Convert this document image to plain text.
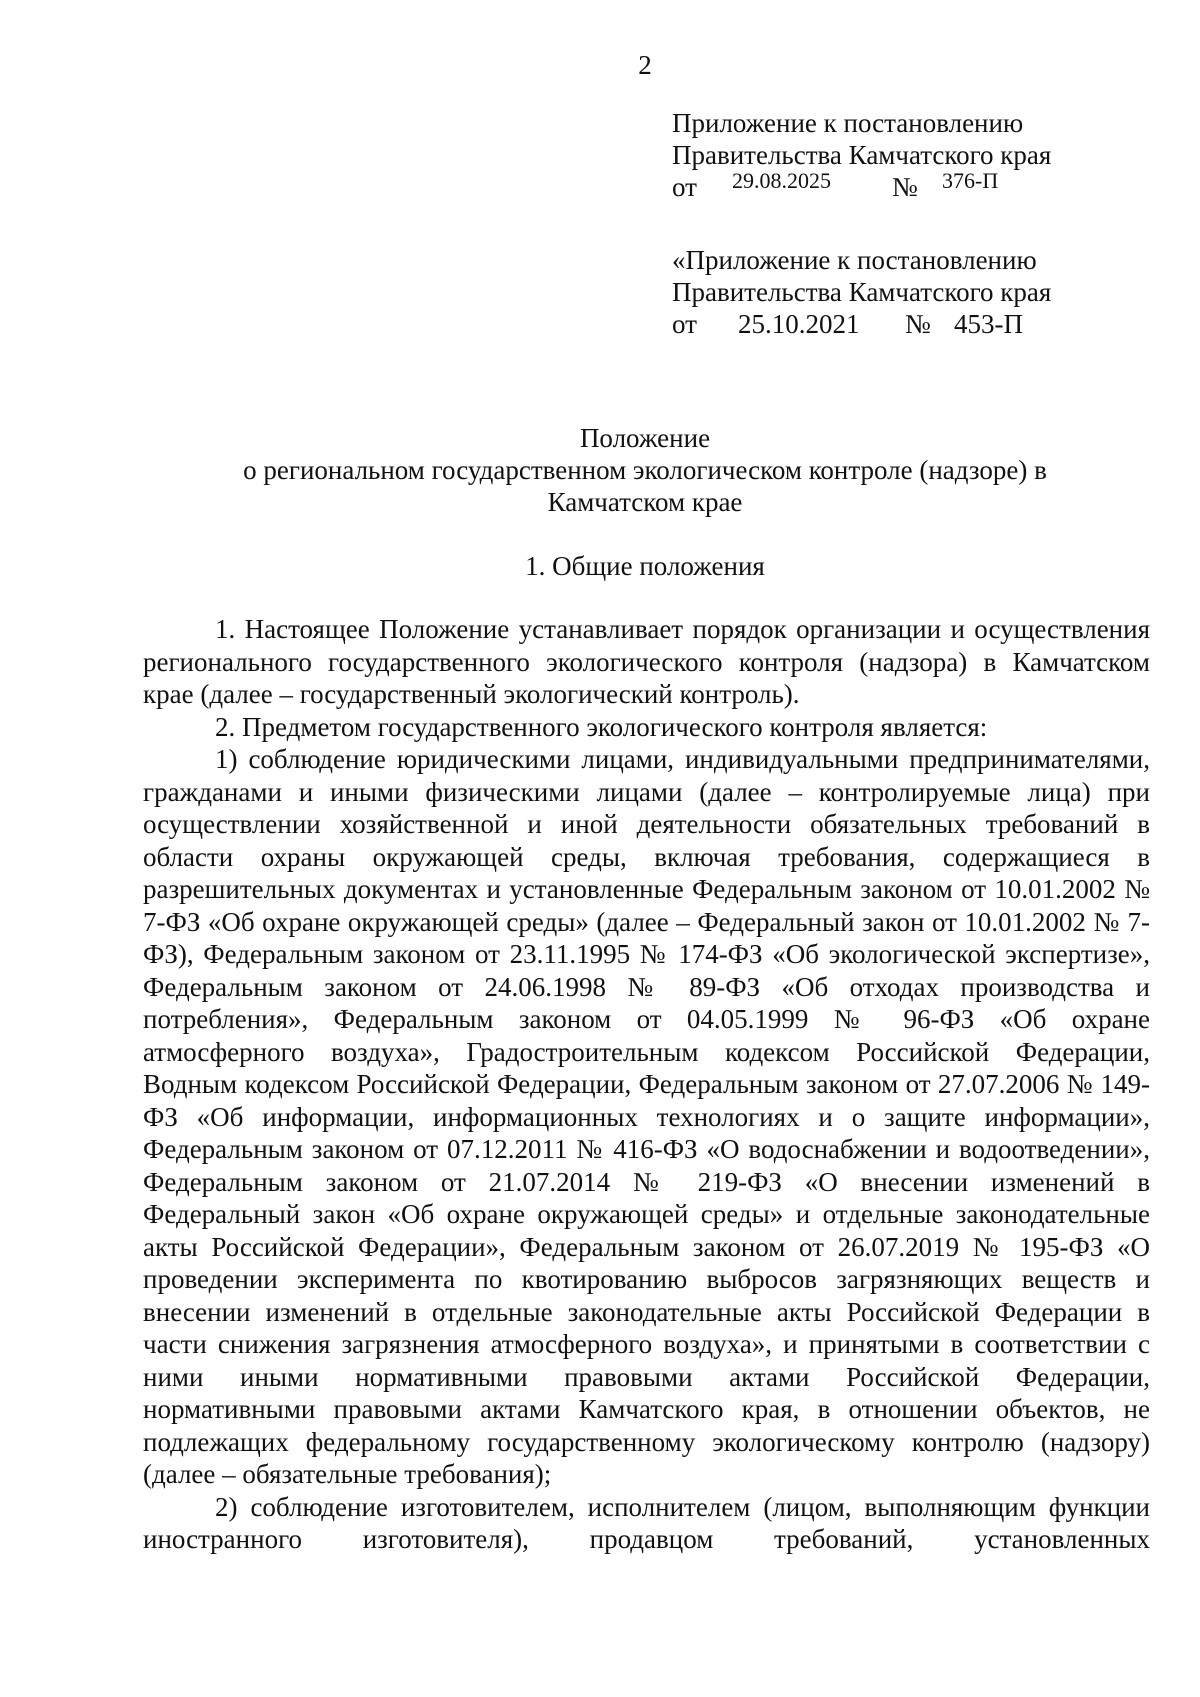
2
Приложение к постановлению
Правительства Камчатского края
от 29.08.2025 № 376-П
«Приложение к постановлению
Правительства Камчатского края
от 25.10.2021 № 453-П
Положение
о региональном государственном экологическом контроле (надзоре) в
Камчатском крае
1. Общие положения

1. Настоящее Положение устанавливает порядок организации и осуществления регионального государственного экологического контроля (надзора) в Камчатском крае (далее – государственный экологический контроль).

2. Предметом государственного экологического контроля является:

1) соблюдение юридическими лицами, индивидуальными предпринимателями, гражданами и иными физическими лицами (далее – контролируемые лица) при осуществлении хозяйственной и иной деятельности обязательных требований в области охраны окружающей среды, включая требования, содержащиеся в разрешительных документах и установленные Федеральным законом от 10.01.2002 № 7-ФЗ «Об охране окружающей среды» (далее – Федеральный закон от 10.01.2002 № 7-ФЗ), Федеральным законом от 23.11.1995 № 174-ФЗ «Об экологической экспертизе», Федеральным законом от 24.06.1998 № 89-ФЗ «Об отходах производства и потребления», Федеральным законом от 04.05.1999 № 96-ФЗ «Об охране атмосферного воздуха», Градостроительным кодексом Российской Федерации, Водным кодексом Российской Федерации, Федеральным законом от 27.07.2006 № 149-ФЗ «Об информации, информационных технологиях и о защите информации», Федеральным законом от 07.12.2011 № 416-ФЗ «О водоснабжении и водоотведении», Федеральным законом от 21.07.2014 № 219-ФЗ «О внесении изменений в Федеральный закон «Об охране окружающей среды» и отдельные законодательные акты Российской Федерации», Федеральным законом от 26.07.2019 № 195-ФЗ «О проведении эксперимента по квотированию выбросов загрязняющих веществ и внесении изменений в отдельные законодательные акты Российской Федерации в части снижения загрязнения атмосферного воздуха», и принятыми в соответствии с ними иными нормативными правовыми актами Российской Федерации, нормативными правовыми актами Камчатского края, в отношении объектов, не подлежащих федеральному государственному экологическому контролю (надзору) (далее – обязательные требования);

2) соблюдение изготовителем, исполнителем (лицом, выполняющим функции иностранного изготовителя), продавцом требований, установленных
